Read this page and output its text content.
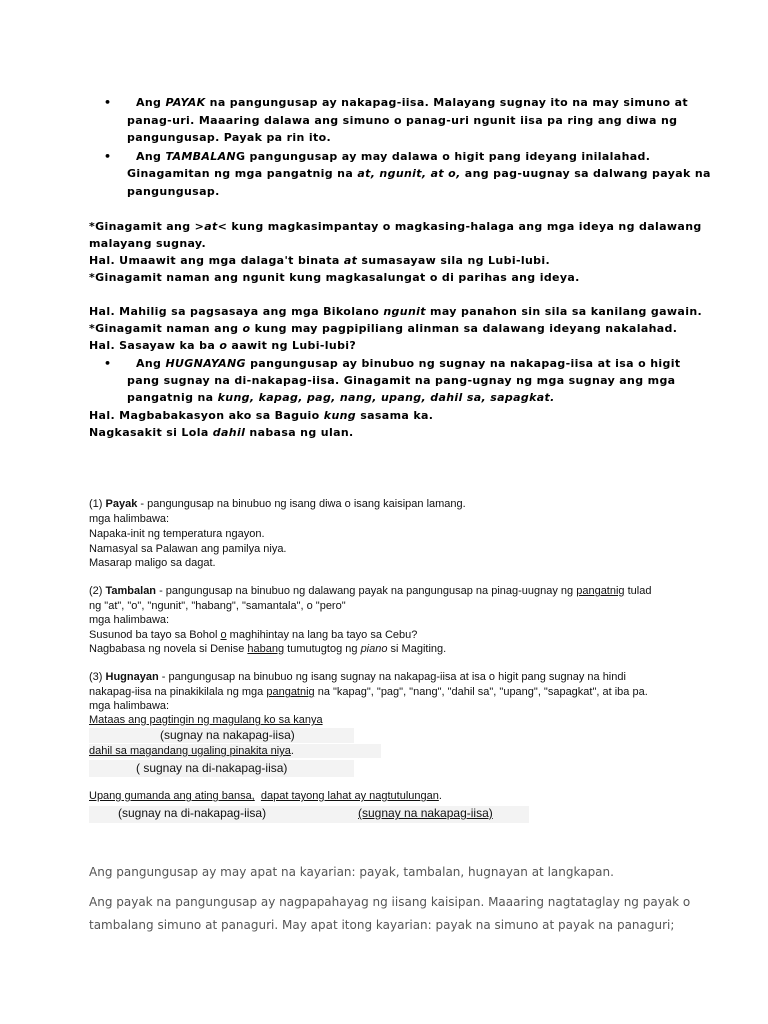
• Ang PAYAK na pangungusap ay nakapag-iisa. Malayang sugnay ito na may simuno at
panag-uri. Maaaring dalawa ang simuno o panag-uri ngunit iisa pa ring ang diwa ng
pangungusap. Payak pa rin ito.
• Ang TAMBALANG pangungusap ay may dalawa o higit pang ideyang inilalahad.
Ginagamitan ng mga pangatnig na at, ngunit, at o, ang pag-uugnay sa dalwang payak na
pangungusap.
*Ginagamit ang >at< kung magkasimpantay o magkasing-halaga ang mga ideya ng dalawang
malayang sugnay.
Hal. Umaawit ang mga dalaga't binata at sumasayaw sila ng Lubi-lubi.
*Ginagamit naman ang ngunit kung magkasalungat o di parihas ang ideya.
Hal. Mahilig sa pagsasaya ang mga Bikolano ngunit may panahon sin sila sa kanilang gawain.
*Ginagamit naman ang o kung may pagpipiliang alinman sa dalawang ideyang nakalahad.
Hal. Sasayaw ka ba o aawit ng Lubi-lubi?
• Ang HUGNAYANG pangungusap ay binubuo ng sugnay na nakapag-iisa at isa o higit
pang sugnay na di-nakapag-iisa. Ginagamit na pang-ugnay ng mga sugnay ang mga
pangatnig na kung, kapag, pag, nang, upang, dahil sa, sapagkat.
Hal. Magbabakasyon ako sa Baguio kung sasama ka.
Nagkasakit si Lola dahil nabasa ng ulan.
(1) Payak - pangungusap na binubuo ng isang diwa o isang kaisipan lamang.
mga halimbawa:
Napaka-init ng temperatura ngayon.
Namasyal sa Palawan ang pamilya niya.
Masarap maligo sa dagat.
(2) Tambalan - pangungusap na binubuo ng dalawang payak na pangungusap na pinag-uugnay ng pangatnig tulad
ng "at", "o", "ngunit", "habang", "samantala", o "pero"
mga halimbawa:
Susunod ba tayo sa Bohol o maghihintay na lang ba tayo sa Cebu?
Nagbabasa ng novela si Denise habang tumutugtog ng piano si Magiting.
(3) Hugnayan - pangungusap na binubuo ng isang sugnay na nakapag-iisa at isa o higit pang sugnay na hindi
nakapag-iisa na pinakikilala ng mga pangatnig na "kapag", "pag", "nang", "dahil sa", "upang", "sapagkat", at iba pa.
mga halimbawa:
Mataas ang pagtingin ng magulang ko sa kanya
(sugnay na nakapag-iisa)
dahil sa magandang ugaling pinakita niya.
( sugnay na di-nakapag-iisa)
Upang gumanda ang ating bansa, dapat tayong lahat ay nagtutulungan.
(sugnay na di-nakapag-iisa)	(sugnay na nakapag-iisa)
Ang pangungusap ay may apat na kayarian: payak, tambalan, hugnayan at langkapan.
Ang payak na pangungusap ay nagpapahayag ng iisang kaisipan. Maaaring nagtataglay ng payak o
tambalang simuno at panaguri. May apat itong kayarian: payak na simuno at payak na panaguri;
